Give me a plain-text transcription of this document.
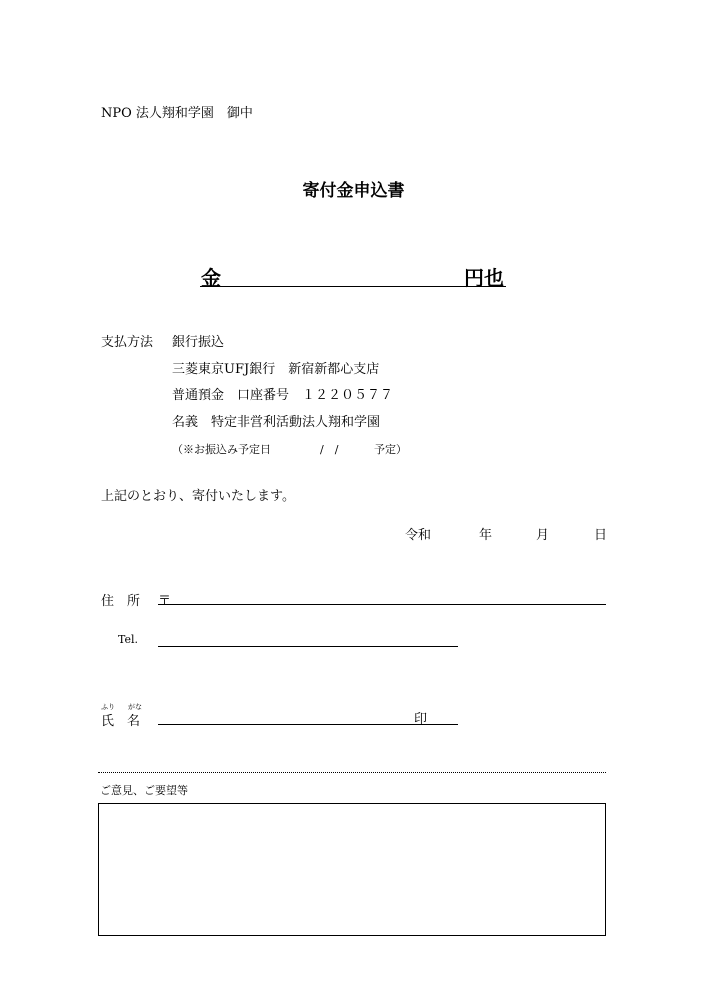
NPO 法人翔和学園　御中
寄付金申込書
金	円也
支払方法 銀行振込
三菱東京UFJ銀行　新宿新都心支店
普通預金　口座番号　１２２０５７７
名義　特定非営利活動法人翔和学園
（※お振込み予定日	/　/	予定）
上記のとおり、寄付いたします。
令和	年	月	日
住　所 〒
Tel.
ふり がな
氏　名	印
ご意見、ご要望等
